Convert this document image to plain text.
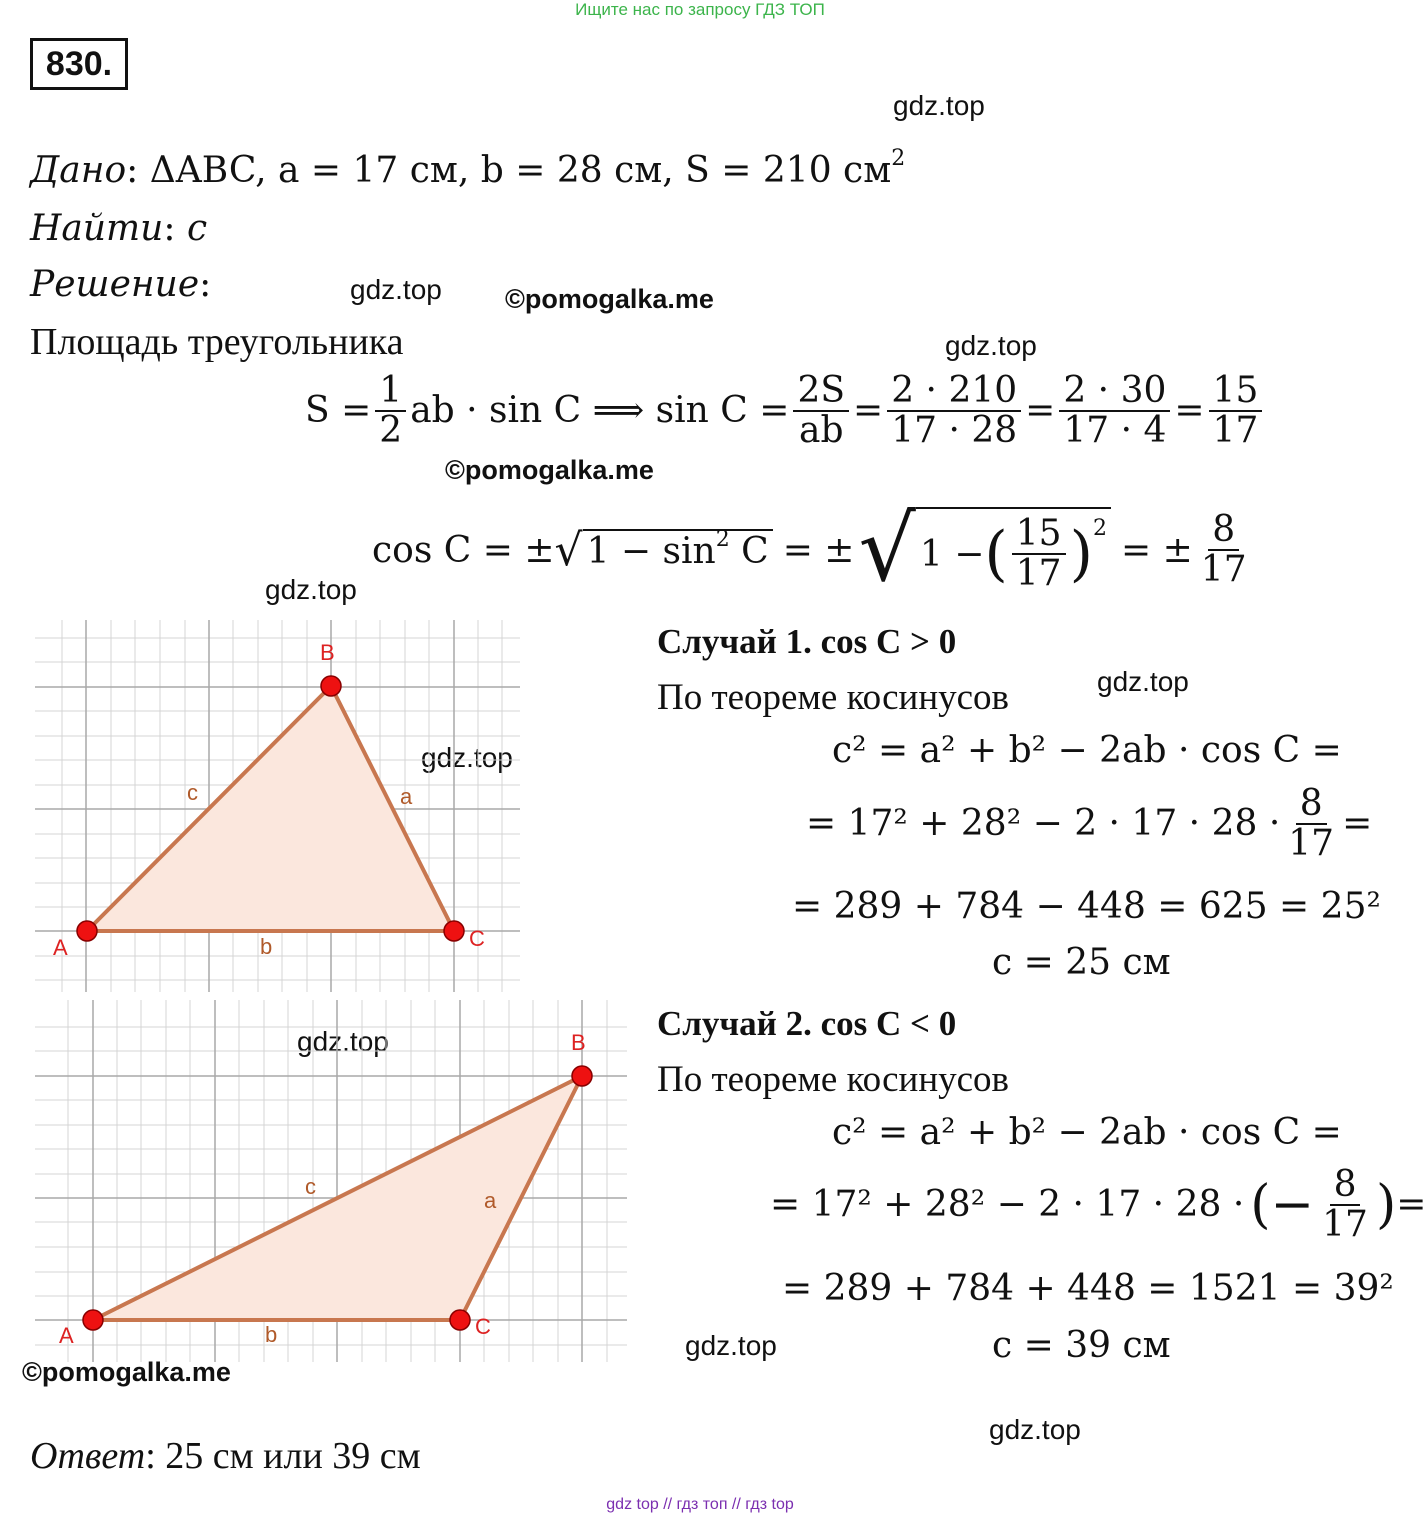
Ищите нас по запросу ГДЗ ТОП
830.
gdz.top
gdz.top ©pomogalka.me
gdz.top
©pomogalka.me
gdz.top
gdz.top
gdz.top
gdz.top
gdz.top
©pomogalka.me
gdz.top
Дано: ΔABC, a = 17 см, b = 28 см, S = 210 $см^2$
Найти: c
Решение:
Площадь треугольника
$S = \frac{1}{2}$ ab · sin C ⟹ $\sin C = \frac{2S}{ab} = \frac{2 \cdot 210}{17 \cdot 28} = \frac{2 \cdot 30}{17 \cdot 4} = \frac{15}{17}$
cos C = ± √ $1 - \sin^2 C$ = ± √ 1 − ( $\frac{15}{17} )^2$
= ± $\frac{8}{17}$
A
B
C
a
b
c
A
B
C
a
b
c
Случай 1. cos C > 0
По теореме косинусов
c² = a² + b² − 2ab · cos C =
= $17^2 + 28^2 - 2 \cdot 17 \cdot 28 \cdot \frac{8}{17}$ =
= 289 + 784 − 448 = 625 = 25²
c = 25 см
Случай 2. cos C < 0
По теореме косинусов
c² = a² + b² − 2ab · cos C =
= 17² + 28² − 2 · 17 · 28 · (− $\frac{8}{17}$ ) =
= 289 + 784 + 448 = 1521 = 39²
c = 39 см
Ответ: 25 см или 39 см
gdz top // гдз топ // гдз top
